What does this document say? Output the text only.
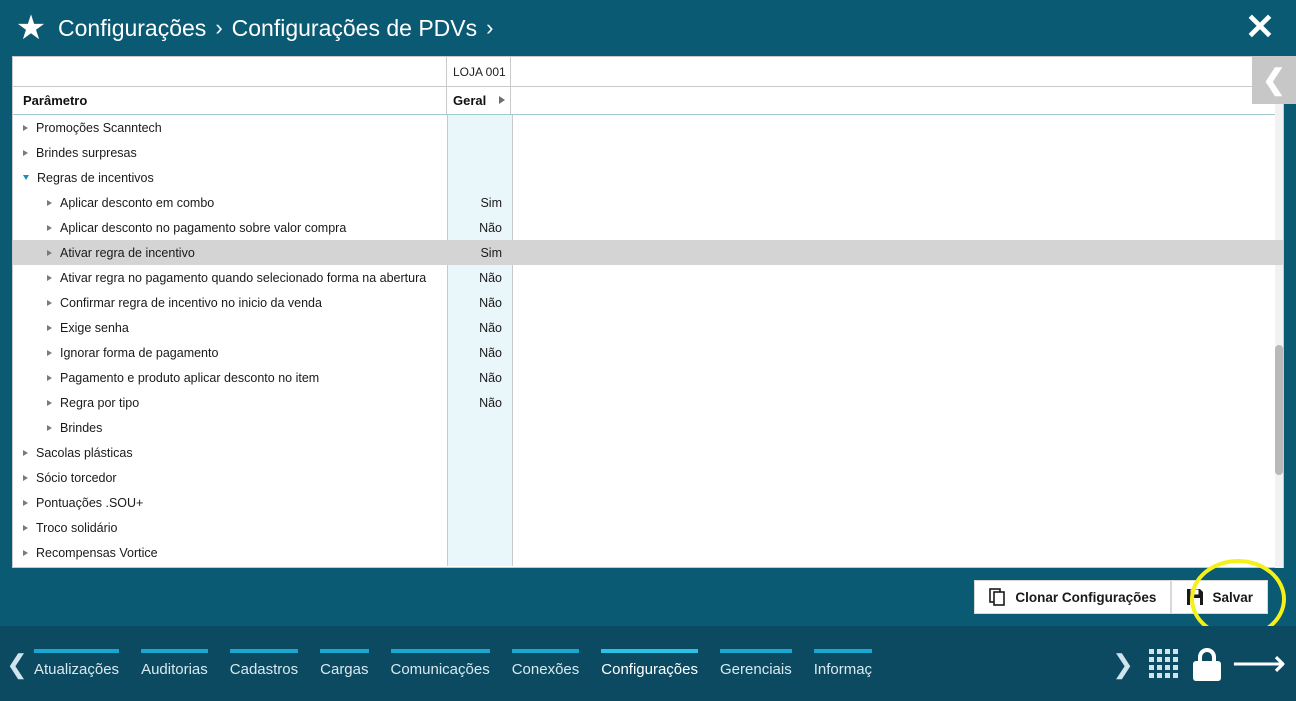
★ Configurações › Configurações de PDVs ›	✕
LOJA 001
Parâmetro	Geral
Promoções Scanntech
Brindes surpresas
Regras de incentivos
Aplicar desconto em combo	Sim
Aplicar desconto no pagamento sobre valor compra	Não
Ativar regra de incentivo	Sim
Ativar regra no pagamento quando selecionado forma na abertura	Não
Confirmar regra de incentivo no inicio da venda	Não
Exige senha	Não
Ignorar forma de pagamento	Não
Pagamento e produto aplicar desconto no item	Não
Regra por tipo	Não
Brindes
Sacolas plásticas
Sócio torcedor
Pontuações .SOU+
Troco solidário
Recompensas Vortice
❮
Clonar Configurações	Salvar
❮ Atualizações Auditorias Cadastros Cargas Comunicações Conexões Configurações Gerenciais Informaç	❯	⟶
